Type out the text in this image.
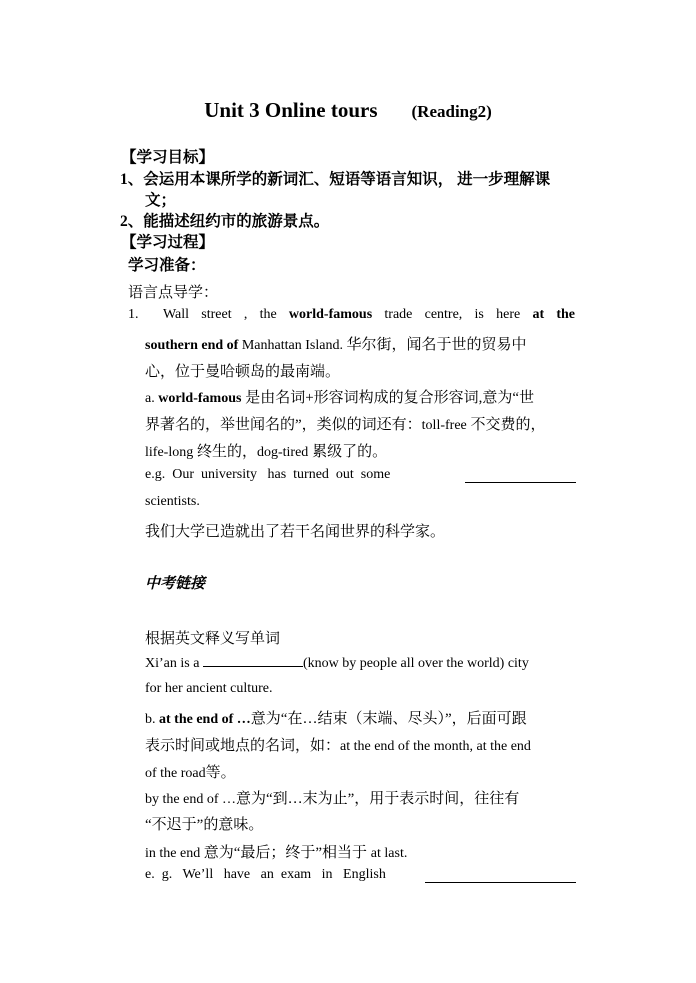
Unit 3 Online tours (Reading2)
【学习目标】
1、会运用本课所学的新词汇、短语等语言知识， 进一步理解课
文；
2、能描述纽约市的旅游景点。
【学习过程】
学习准备：
语言点导学：
1. Wall street , the world-famous trade centre, is here at the
southern end of Manhattan Island. 华尔街，闻名于世的贸易中
心，位于曼哈顿岛的最南端。
a. world-famous 是由名词+形容词构成的复合形容词,意为“世
界著名的，举世闻名的”，类似的词还有：toll-free 不交费的，
life-long 终生的，dog-tired 累级了的。
e.g.  Our  university   has  turned  out  some
scientists.
我们大学已造就出了若干名闻世界的科学家。
中考链接
根据英文释义写单词
Xi’an is a	(know by people all over the world) city
for her ancient culture.
b. at the end of …意为“在…结束（末端、尽头）”，后面可跟
表示时间或地点的名词，如：at the end of the month, at the end
of the road等。
by the end of …意为“到…末为止”，用于表示时间，往往有
“不迟于”的意味。
in the end 意为“最后；终于”相当于 at last.
e.  g.   We’ll   have   an  exam   in   English
